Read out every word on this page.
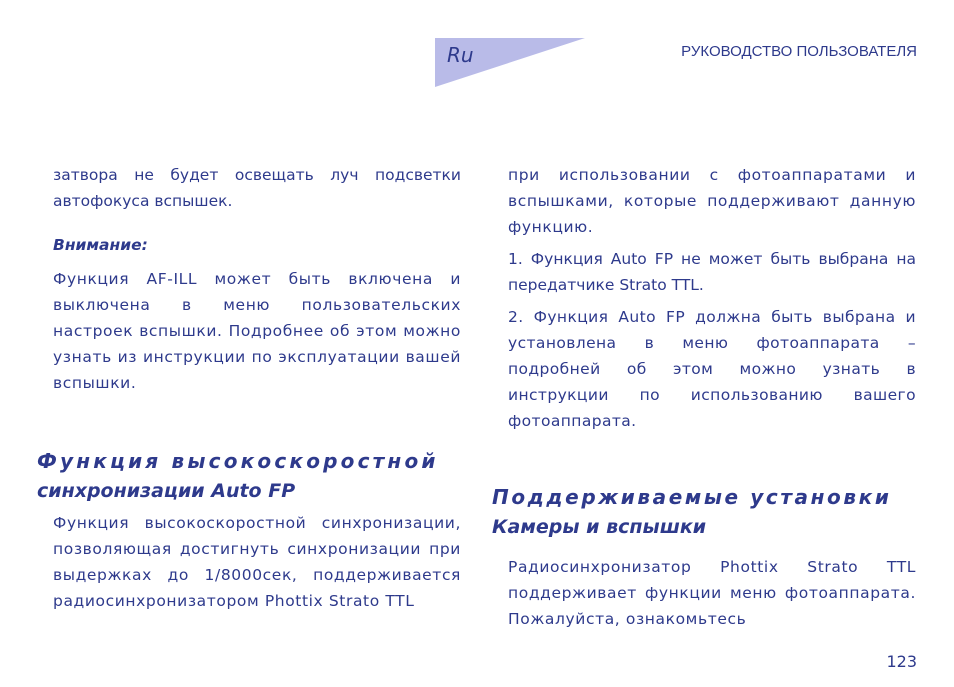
Ru	РУКОВОДСТВО ПОЛЬЗОВАТЕЛЯ

затвора не будет освещать луч подсветки автофокуса вспышек.

Внимание:

Функция AF-ILL может быть включена и выключена в меню пользовательских настроек вспышки. Подробнее об этом можно узнать из инструкции по эксплуатации вашей вспышки.

Функция высокоскоростной
синхронизации Auto FP

Функция высокоскоростной синхронизации, позволяющая достигнуть синхронизации при выдержках до 1/8000сек, поддерживается радиосинхронизатором Phottix Strato TTL

при использовании с фотоаппаратами и вспышками, которые поддерживают данную функцию.

1. Функция Auto FP не может быть выбрана на передатчике Strato TTL.

2. Функция Auto FP должна быть выбрана и установлена в меню фотоаппарата – подробней об этом можно узнать в инструкции по использованию вашего фотоаппарата.

Поддерживаемые установки
Камеры и вспышки

Радиосинхронизатор Phottix Strato TTL поддерживает функции меню фотоаппарата. Пожалуйста, ознакомьтесь

123
